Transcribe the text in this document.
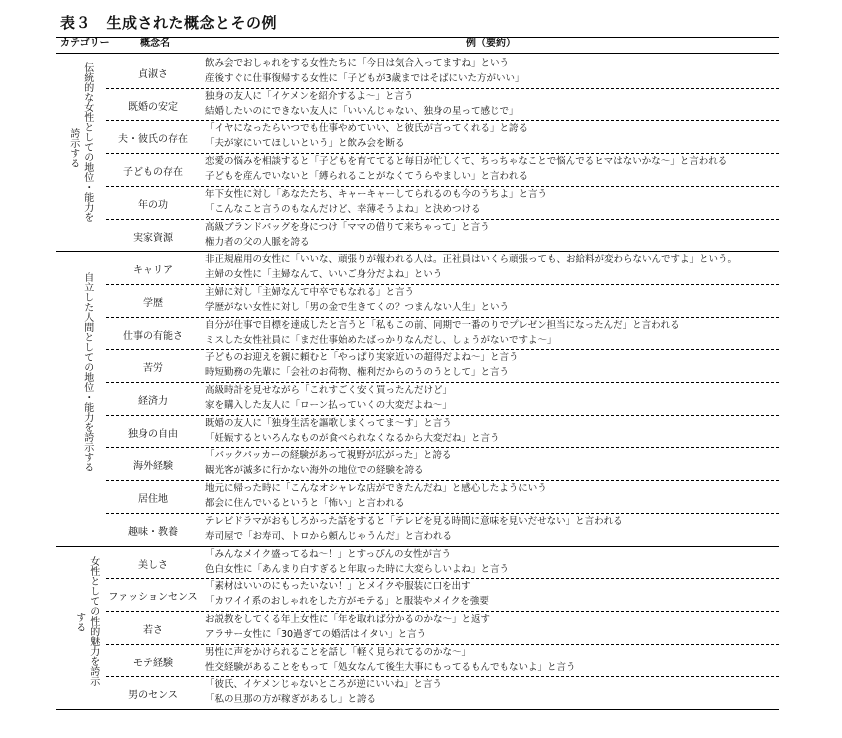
表３　生成された概念とその例
カテゴリー	概念名	例（要約）
伝統的な女性としての地位・能力を
誇示する
自立した人間としての地位・能力を誇示する
女性としての性的魅力を誇示
する
貞淑さ
飲み会でおしゃれをする女性たちに「今日は気合入ってますね」という
産後すぐに仕事復帰する女性に「子どもが3歳まではそばにいた方がいい」
既婚の安定
独身の友人に「イケメンを紹介するよ～」と言う
結婚したいのにできない友人に「いいんじゃない、独身の星って感じで」
夫・彼氏の存在
「イヤになったらいつでも仕事やめていい、と彼氏が言ってくれる」と誇る
「夫が家にいてほしいという」と飲み会を断る
子どもの存在
恋愛の悩みを相談すると「子どもを育ててると毎日が忙しくて、ちっちゃなことで悩んでるヒマはないかな～」と言われる
子どもを産んでいないと「縛られることがなくてうらやましい」と言われる
年の功
年下女性に対し「あなたたち、キャーキャーしてられるのも今のうちよ」と言う
「こんなこと言うのもなんだけど、幸薄そうよね」と決めつける
実家資源
高級ブランドバッグを身につけ「ママの借りて来ちゃって」と言う
権力者の父の人脈を誇る
キャリア
非正規雇用の女性に「いいな、頑張りが報われる人は。正社員はいくら頑張っても、お給料が変わらないんですよ」という。
主婦の女性に「主婦なんて、いいご身分だよね」という
学歴
主婦に対し「主婦なんて中卒でもなれる」と言う
学歴がない女性に対し「男の金で生きてくの？つまんない人生」という
仕事の有能さ
自分が仕事で目標を達成したと言うと「私もこの前、同期で一番のりでプレゼン担当になったんだ」と言われる
ミスした女性社員に「まだ仕事始めたばっかりなんだし、しょうがないですよ～」
苦労
子どものお迎えを親に頼むと「やっぱり実家近いの超得だよね～」と言う
時短勤務の先輩に「会社のお荷物、権利だからのうのうとして」と言う
経済力
高級時計を見せながら「これすごく安く買ったんだけど」
家を購入した友人に「ローン払っていくの大変だよね～」
独身の自由
既婚の友人に「独身生活を謳歌しまくってま～す」と言う
「妊娠するといろんなものが食べられなくなるから大変だね」と言う
海外経験
「バックパッカーの経験があって視野が広がった」と誇る
観光客が滅多に行かない海外の地位での経験を誇る
居住地
地元に帰った時に「こんなオシャレな店ができたんだね」と感心したようにいう
都会に住んでいるというと「怖い」と言われる
趣味・教養
テレビドラマがおもしろかった話をすると「テレビを見る時間に意味を見いだせない」と言われる
寿司屋で「お寿司、トロから頼んじゃうんだ」と言われる
美しさ
「みんなメイク盛ってるね～！」とすっぴんの女性が言う
色白女性に「あんまり白すぎると年取った時に大変らしいよね」と言う
ファッションセンス
「素材はいいのにもったいない！」とメイクや服装に口を出す
「カワイイ系のおしゃれをした方がモテる」と服装やメイクを強要
若さ
お説教をしてくる年上女性に「年を取れば分かるのかな～」と返す
アラサー女性に「30過ぎての婚活はイタい」と言う
モテ経験
男性に声をかけられることを話し「軽く見られてるのかな～」
性交経験があることをもって「処女なんて後生大事にもってるもんでもないよ」と言う
男のセンス
「彼氏、イケメンじゃないところが逆にいいね」と言う
「私の旦那の方が稼ぎがあるし」と誇る
